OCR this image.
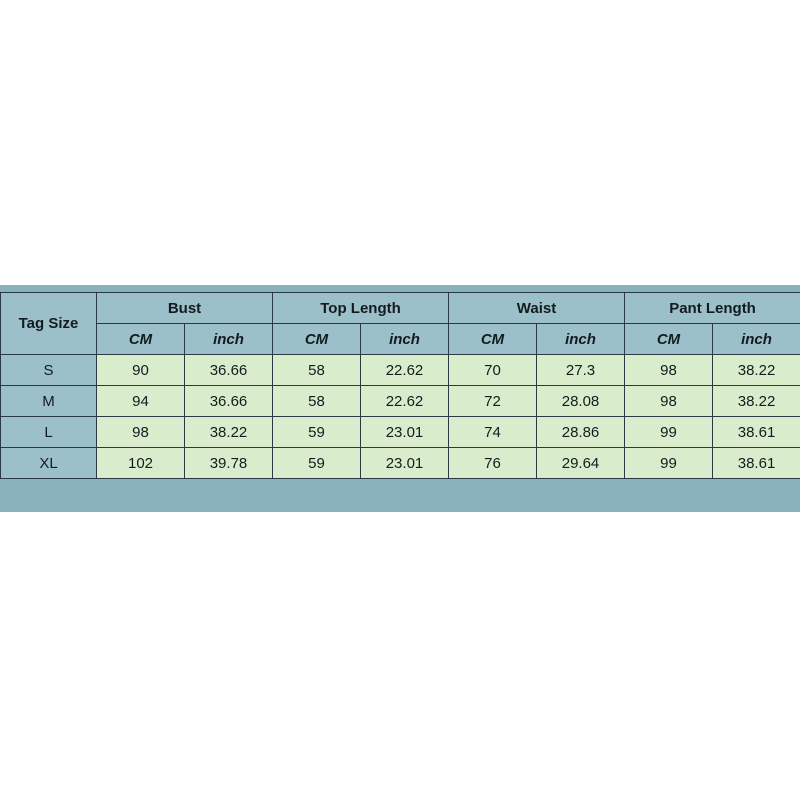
Tag Size	Bust		Top Length		Waist		Pant Length	
	CM	inch	CM	inch	CM	inch	CM	inch
S	90	36.66	58	22.62	70	27.3	98	38.22
M	94	36.66	58	22.62	72	28.08	98	38.22
L	98	38.22	59	23.01	74	28.86	99	38.61
XL	102	39.78	59	23.01	76	29.64	99	38.61
